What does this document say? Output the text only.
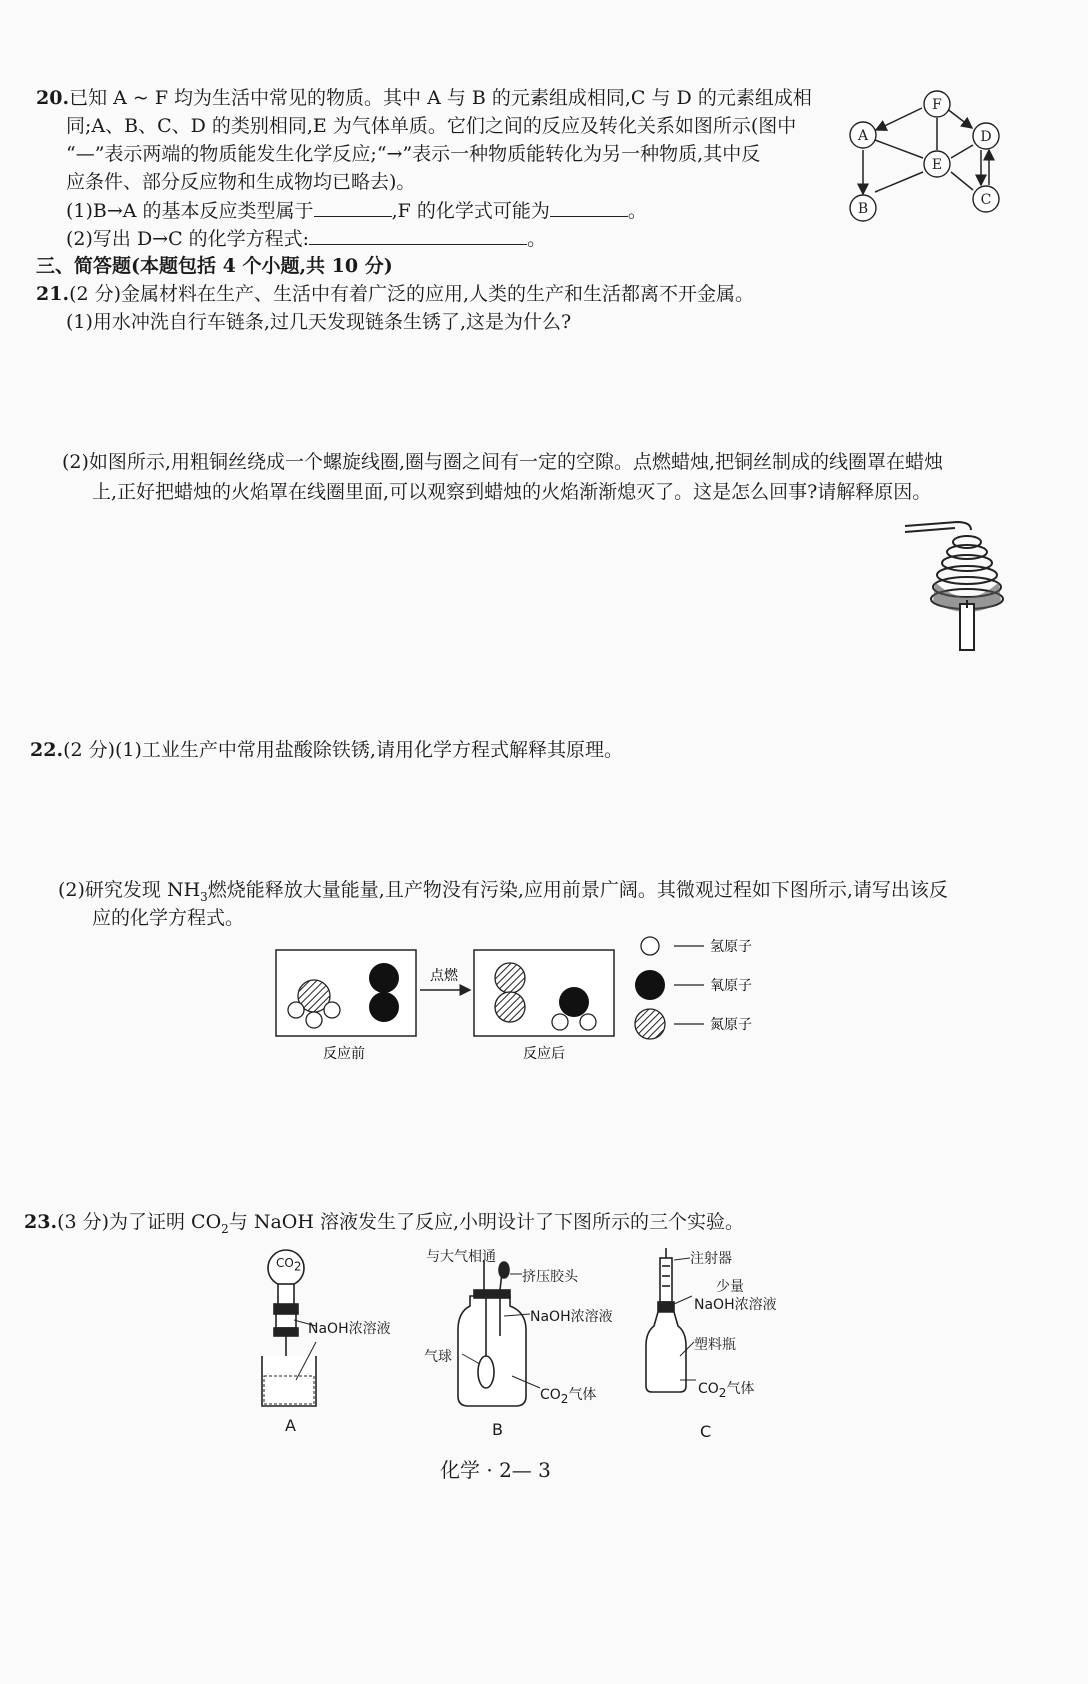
20.已知 A ~ F 均为生活中常见的物质。其中 A 与 B 的元素组成相同,C 与 D 的元素组成相
同;A、B、C、D 的类别相同,E 为气体单质。它们之间的反应及转化关系如图所示(图中
“—”表示两端的物质能发生化学反应;“→”表示一种物质能转化为另一种物质,其中反
应条件、部分反应物和生成物均已略去)。
(1)B→A 的基本反应类型属于	,F 的化学式可能为	。
(2)写出 D→C 的化学方程式:	。
A
B
C
D
E
F
三、简答题(本题包括 4 个小题,共 10 分)
21.(2 分)金属材料在生产、生活中有着广泛的应用,人类的生产和生活都离不开金属。
(1)用水冲洗自行车链条,过几天发现链条生锈了,这是为什么?
(2)如图所示,用粗铜丝绕成一个螺旋线圈,圈与圈之间有一定的空隙。点燃蜡烛,把铜丝制成的线圈罩在蜡烛
上,正好把蜡烛的火焰罩在线圈里面,可以观察到蜡烛的火焰渐渐熄灭了。这是怎么回事?请解释原因。
22.(2 分)(1)工业生产中常用盐酸除铁锈,请用化学方程式解释其原理。
(2)研究发现 $NH_3$燃烧能释放大量能量,且产物没有污染,应用前景广阔。其微观过程如下图所示,请写出该反
应的化学方程式。
点燃
反应前	反应后
氢原子
氧原子
氮原子
23.(3 分)为了证明 $CO_2$与 NaOH 溶液发生了反应,小明设计了下图所示的三个实验。
$CO_2$
NaOH浓溶液
A
与大气相通
挤压胶头
NaOH浓溶液
气球
$CO_2$气体
B
注射器
少量
NaOH浓溶液
塑料瓶
$CO_2$气体
C
化学 · 2— 3
